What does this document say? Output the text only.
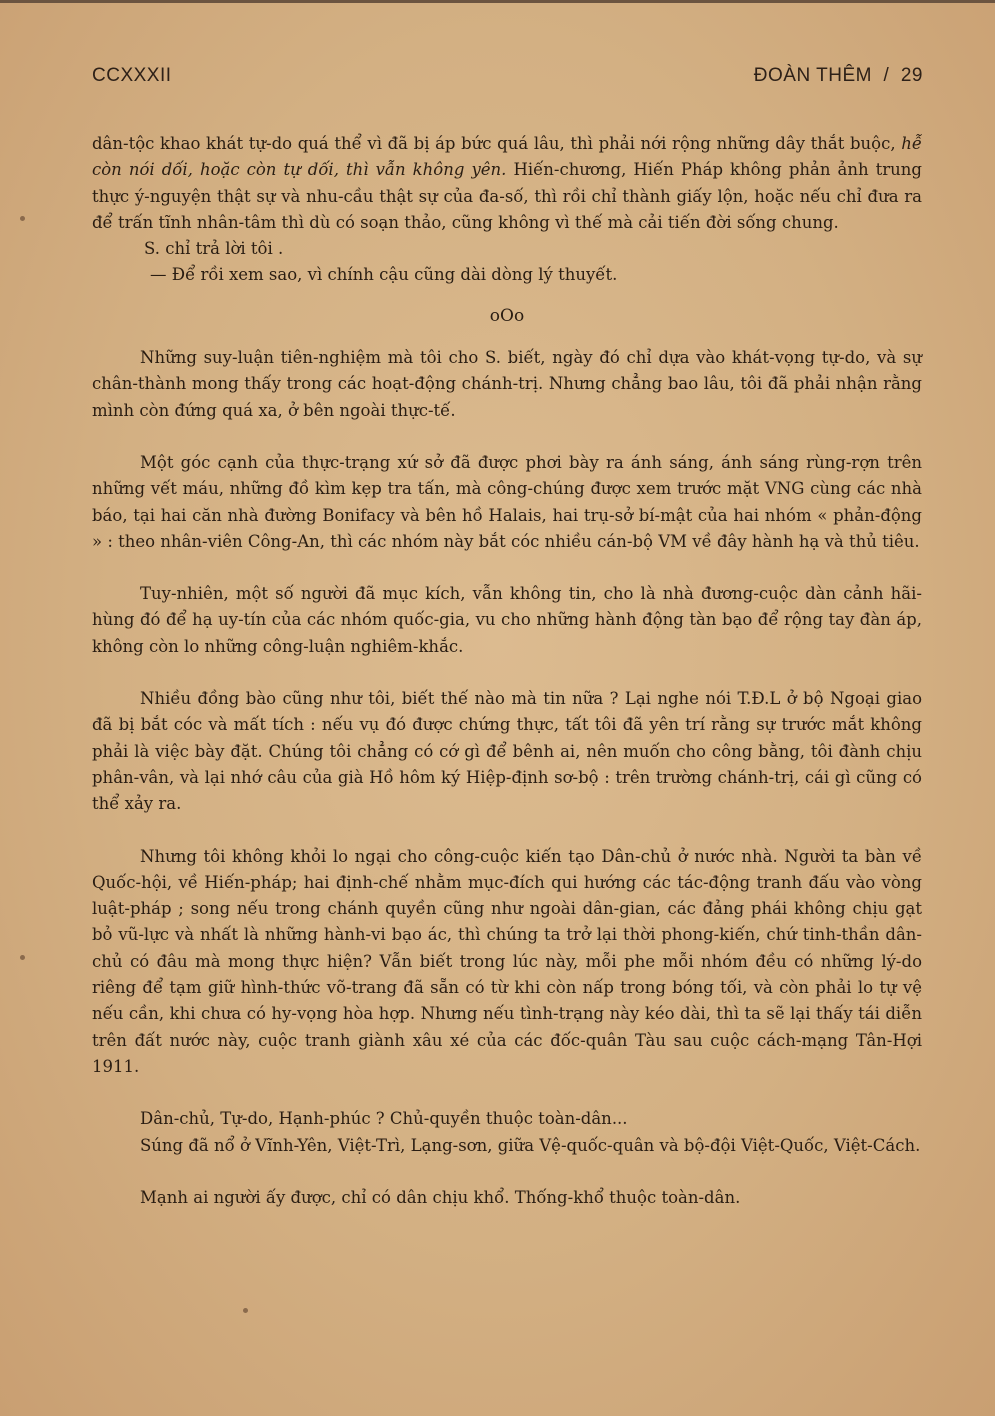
CCXXXII	ĐOÀN THÊM / 29

dân-tộc khao khát tự-do quá thể vì đã bị áp bức quá lâu, thì phải nới rộng những dây thắt buộc, hễ còn nói dối, hoặc còn tự dối, thì vẫn không yên. Hiến-chương, Hiến Pháp không phản ảnh trung thực ý-nguyện thật sự và nhu-cầu thật sự của đa-số, thì rồi chỉ thành giấy lộn, hoặc nếu chỉ đưa ra để trấn tĩnh nhân-tâm thì dù có soạn thảo, cũng không vì thế mà cải tiến đời sống chung.

S. chỉ trả lời tôi .

— Để rồi xem sao, vì chính cậu cũng dài dòng lý thuyết.

oOo

Những suy-luận tiên-nghiệm mà tôi cho S. biết, ngày đó chỉ dựa vào khát-vọng tự-do, và sự chân-thành mong thấy trong các hoạt-động chánh-trị. Nhưng chẳng bao lâu, tôi đã phải nhận rằng mình còn đứng quá xa, ở bên ngoài thực-tế.

Một góc cạnh của thực-trạng xứ sở đã được phơi bày ra ánh sáng, ánh sáng rùng-rợn trên những vết máu, những đồ kìm kẹp tra tấn, mà công-chúng được xem trước mặt VNG cùng các nhà báo, tại hai căn nhà đường Bonifacy và bên hồ Halais, hai trụ-sở bí-mật của hai nhóm « phản-động » : theo nhân-viên Công-An, thì các nhóm này bắt cóc nhiều cán-bộ VM về đây hành hạ và thủ tiêu.

Tuy-nhiên, một số người đã mục kích, vẫn không tin, cho là nhà đương-cuộc dàn cảnh hãi-hùng đó để hạ uy-tín của các nhóm quốc-gia, vu cho những hành động tàn bạo để rộng tay đàn áp, không còn lo những công-luận nghiêm-khắc.

Nhiều đồng bào cũng như tôi, biết thế nào mà tin nữa ? Lại nghe nói T.Đ.L ở bộ Ngoại giao đã bị bắt cóc và mất tích : nếu vụ đó được chứng thực, tất tôi đã yên trí rằng sự trước mắt không phải là việc bày đặt. Chúng tôi chẳng có cớ gì để bênh ai, nên muốn cho công bằng, tôi đành chịu phân-vân, và lại nhớ câu của già Hồ hôm ký Hiệp-định sơ-bộ : trên trường chánh-trị, cái gì cũng có thể xảy ra.

Nhưng tôi không khỏi lo ngại cho công-cuộc kiến tạo Dân-chủ ở nước nhà. Người ta bàn về Quốc-hội, về Hiến-pháp; hai định-chế nhằm mục-đích qui hướng các tác-động tranh đấu vào vòng luật-pháp ; song nếu trong chánh quyền cũng như ngoài dân-gian, các đảng phái không chịu gạt bỏ vũ-lực và nhất là những hành-vi bạo ác, thì chúng ta trở lại thời phong-kiến, chứ tinh-thần dân-chủ có đâu mà mong thực hiện? Vẫn biết trong lúc này, mỗi phe mỗi nhóm đều có những lý-do riêng để tạm giữ hình-thức võ-trang đã sẵn có từ khi còn nấp trong bóng tối, và còn phải lo tự vệ nếu cần, khi chưa có hy-vọng hòa hợp. Nhưng nếu tình-trạng này kéo dài, thì ta sẽ lại thấy tái diễn trên đất nước này, cuộc tranh giành xâu xé của các đốc-quân Tàu sau cuộc cách-mạng Tân-Hợi 1911.

Dân-chủ, Tự-do, Hạnh-phúc ? Chủ-quyền thuộc toàn-dân...

Súng đã nổ ở Vĩnh-Yên, Việt-Trì, Lạng-sơn, giữa Vệ-quốc-quân và bộ-đội Việt-Quốc, Việt-Cách.

Mạnh ai người ấy được, chỉ có dân chịu khổ. Thống-khổ thuộc toàn-dân.
